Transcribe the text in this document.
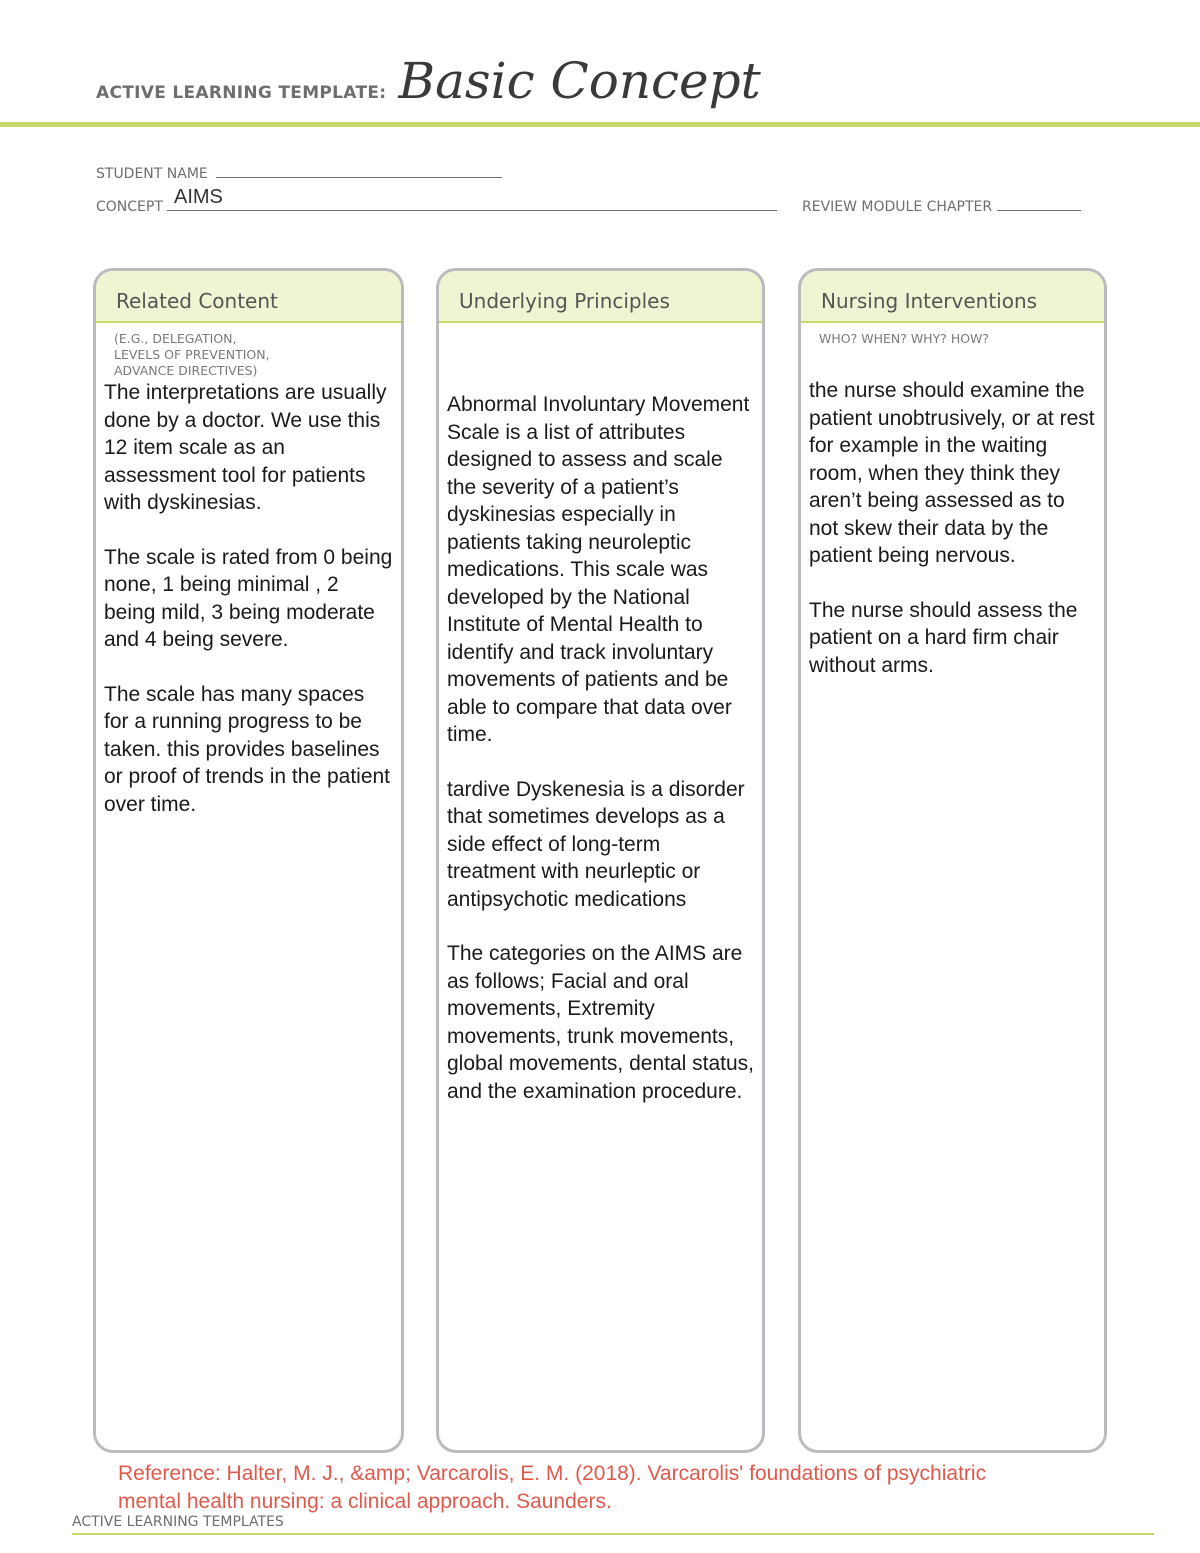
ACTIVE LEARNING TEMPLATE: Basic Concept
STUDENT NAME
CONCEPT AIMS	REVIEW MODULE CHAPTER
Related Content
(E.G., DELEGATION,
LEVELS OF PREVENTION,
ADVANCE DIRECTIVES)

The interpretations are usually done by a doctor. We use this 12 item scale as an assessment tool for patients with dyskinesias.

The scale is rated from 0 being none, 1 being minimal , 2 being mild, 3 being moderate and 4 being severe.

The scale has many spaces for a running progress to be taken. this provides baselines or proof of trends in the patient over time.

Underlying Principles

Abnormal Involuntary Movement Scale is a list of attributes designed to assess and scale the severity of a patient’s dyskinesias especially in patients taking neuroleptic medications. This scale was developed by the National Institute of Mental Health to identify and track involuntary movements of patients and be able to compare that data over time.

tardive Dyskenesia is a disorder that sometimes develops as a side effect of long-term treatment with neurleptic or antipsychotic medications

The categories on the AIMS are as follows; Facial and oral movements, Extremity movements, trunk movements, global movements, dental status, and the examination procedure.

Nursing Interventions
WHO? WHEN? WHY? HOW?

the nurse should examine the patient unobtrusively, or at rest for example in the waiting room, when they think they aren’t being assessed as to not skew their data by the patient being nervous.

The nurse should assess the patient on a hard firm chair without arms.

Reference: Halter, M. J., &amp; Varcarolis, E. M. (2018). Varcarolis' foundations of psychiatric mental health nursing: a clinical approach. Saunders.
ACTIVE LEARNING TEMPLATES
